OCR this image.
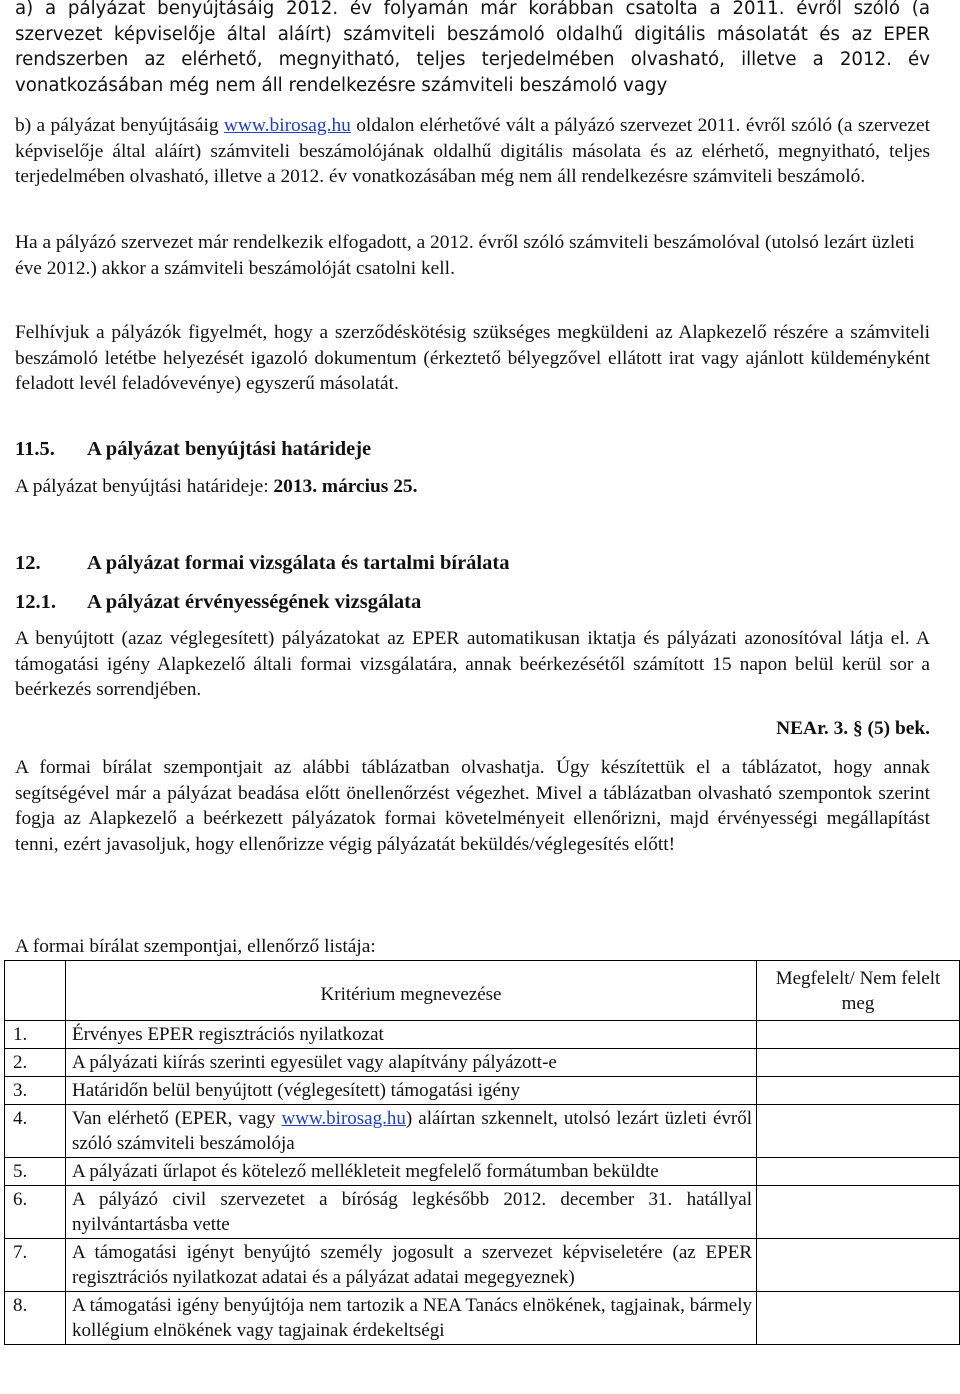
a) a pályázat benyújtásáig 2012. év folyamán már korábban csatolta a 2011. évről szóló (a szervezet képviselője által aláírt) számviteli beszámoló oldalhű digitális másolatát és az EPER rendszerben az elérhető, megnyitható, teljes terjedelmében olvasható, illetve a 2012. év vonatkozásában még nem áll rendelkezésre számviteli beszámoló vagy

b) a pályázat benyújtásáig www.birosag.hu oldalon elérhetővé vált a pályázó szervezet 2011. évről szóló (a szervezet képviselője által aláírt) számviteli beszámolójának oldalhű digitális másolata és az elérhető, megnyitható, teljes terjedelmében olvasható, illetve a 2012. év vonatkozásában még nem áll rendelkezésre számviteli beszámoló.

Ha a pályázó szervezet már rendelkezik elfogadott, a 2012. évről szóló számviteli beszámolóval (utolsó lezárt üzleti éve 2012.) akkor a számviteli beszámolóját csatolni kell.

Felhívjuk a pályázók figyelmét, hogy a szerződéskötésig szükséges megküldeni az Alapkezelő részére a számviteli beszámoló letétbe helyezését igazoló dokumentum (érkeztető bélyegzővel ellátott irat vagy ajánlott küldeményként feladott levél feladóvevénye) egyszerű másolatát.

11.5. A pályázat benyújtási határideje

A pályázat benyújtási határideje: 2013. március 25.

12. A pályázat formai vizsgálata és tartalmi bírálata
12.1. A pályázat érvényességének vizsgálata

A benyújtott (azaz véglegesített) pályázatokat az EPER automatikusan iktatja és pályázati azonosítóval látja el. A támogatási igény Alapkezelő általi formai vizsgálatára, annak beérkezésétől számított 15 napon belül kerül sor a beérkezés sorrendjében.

NEAr. 3. § (5) bek.

A formai bírálat szempontjait az alábbi táblázatban olvashatja. Úgy készítettük el a táblázatot, hogy annak segítségével már a pályázat beadása előtt önellenőrzést végezhet. Mivel a táblázatban olvasható szempontok szerint fogja az Alapkezelő a beérkezett pályázatok formai követelményeit ellenőrizni, majd érvényességi megállapítást tenni, ezért javasoljuk, hogy ellenőrizze végig pályázatát beküldés/véglegesítés előtt!

A formai bírálat szempontjai, ellenőrző listája:

	Kritérium megnevezése	Megfelelt/ Nem felelt meg
1.	Érvényes EPER regisztrációs nyilatkozat	
2.	A pályázati kiírás szerinti egyesület vagy alapítvány pályázott-e	
3.	Határidőn belül benyújtott (véglegesített) támogatási igény	
4.	Van elérhető (EPER, vagy www.birosag.hu) aláírtan szkennelt, utolsó lezárt üzleti évről szóló számviteli beszámolója	
5.	A pályázati űrlapot és kötelező mellékleteit megfelelő formátumban beküldte	
6.	A pályázó civil szervezetet a bíróság legkésőbb 2012. december 31. hatállyal nyilvántartásba vette	
7.	A támogatási igényt benyújtó személy jogosult a szervezet képviseletére (az EPER regisztrációs nyilatkozat adatai és a pályázat adatai megegyeznek)	
8.	A támogatási igény benyújtója nem tartozik a NEA Tanács elnökének, tagjainak, bármely kollégium elnökének vagy tagjainak érdekeltségi	
